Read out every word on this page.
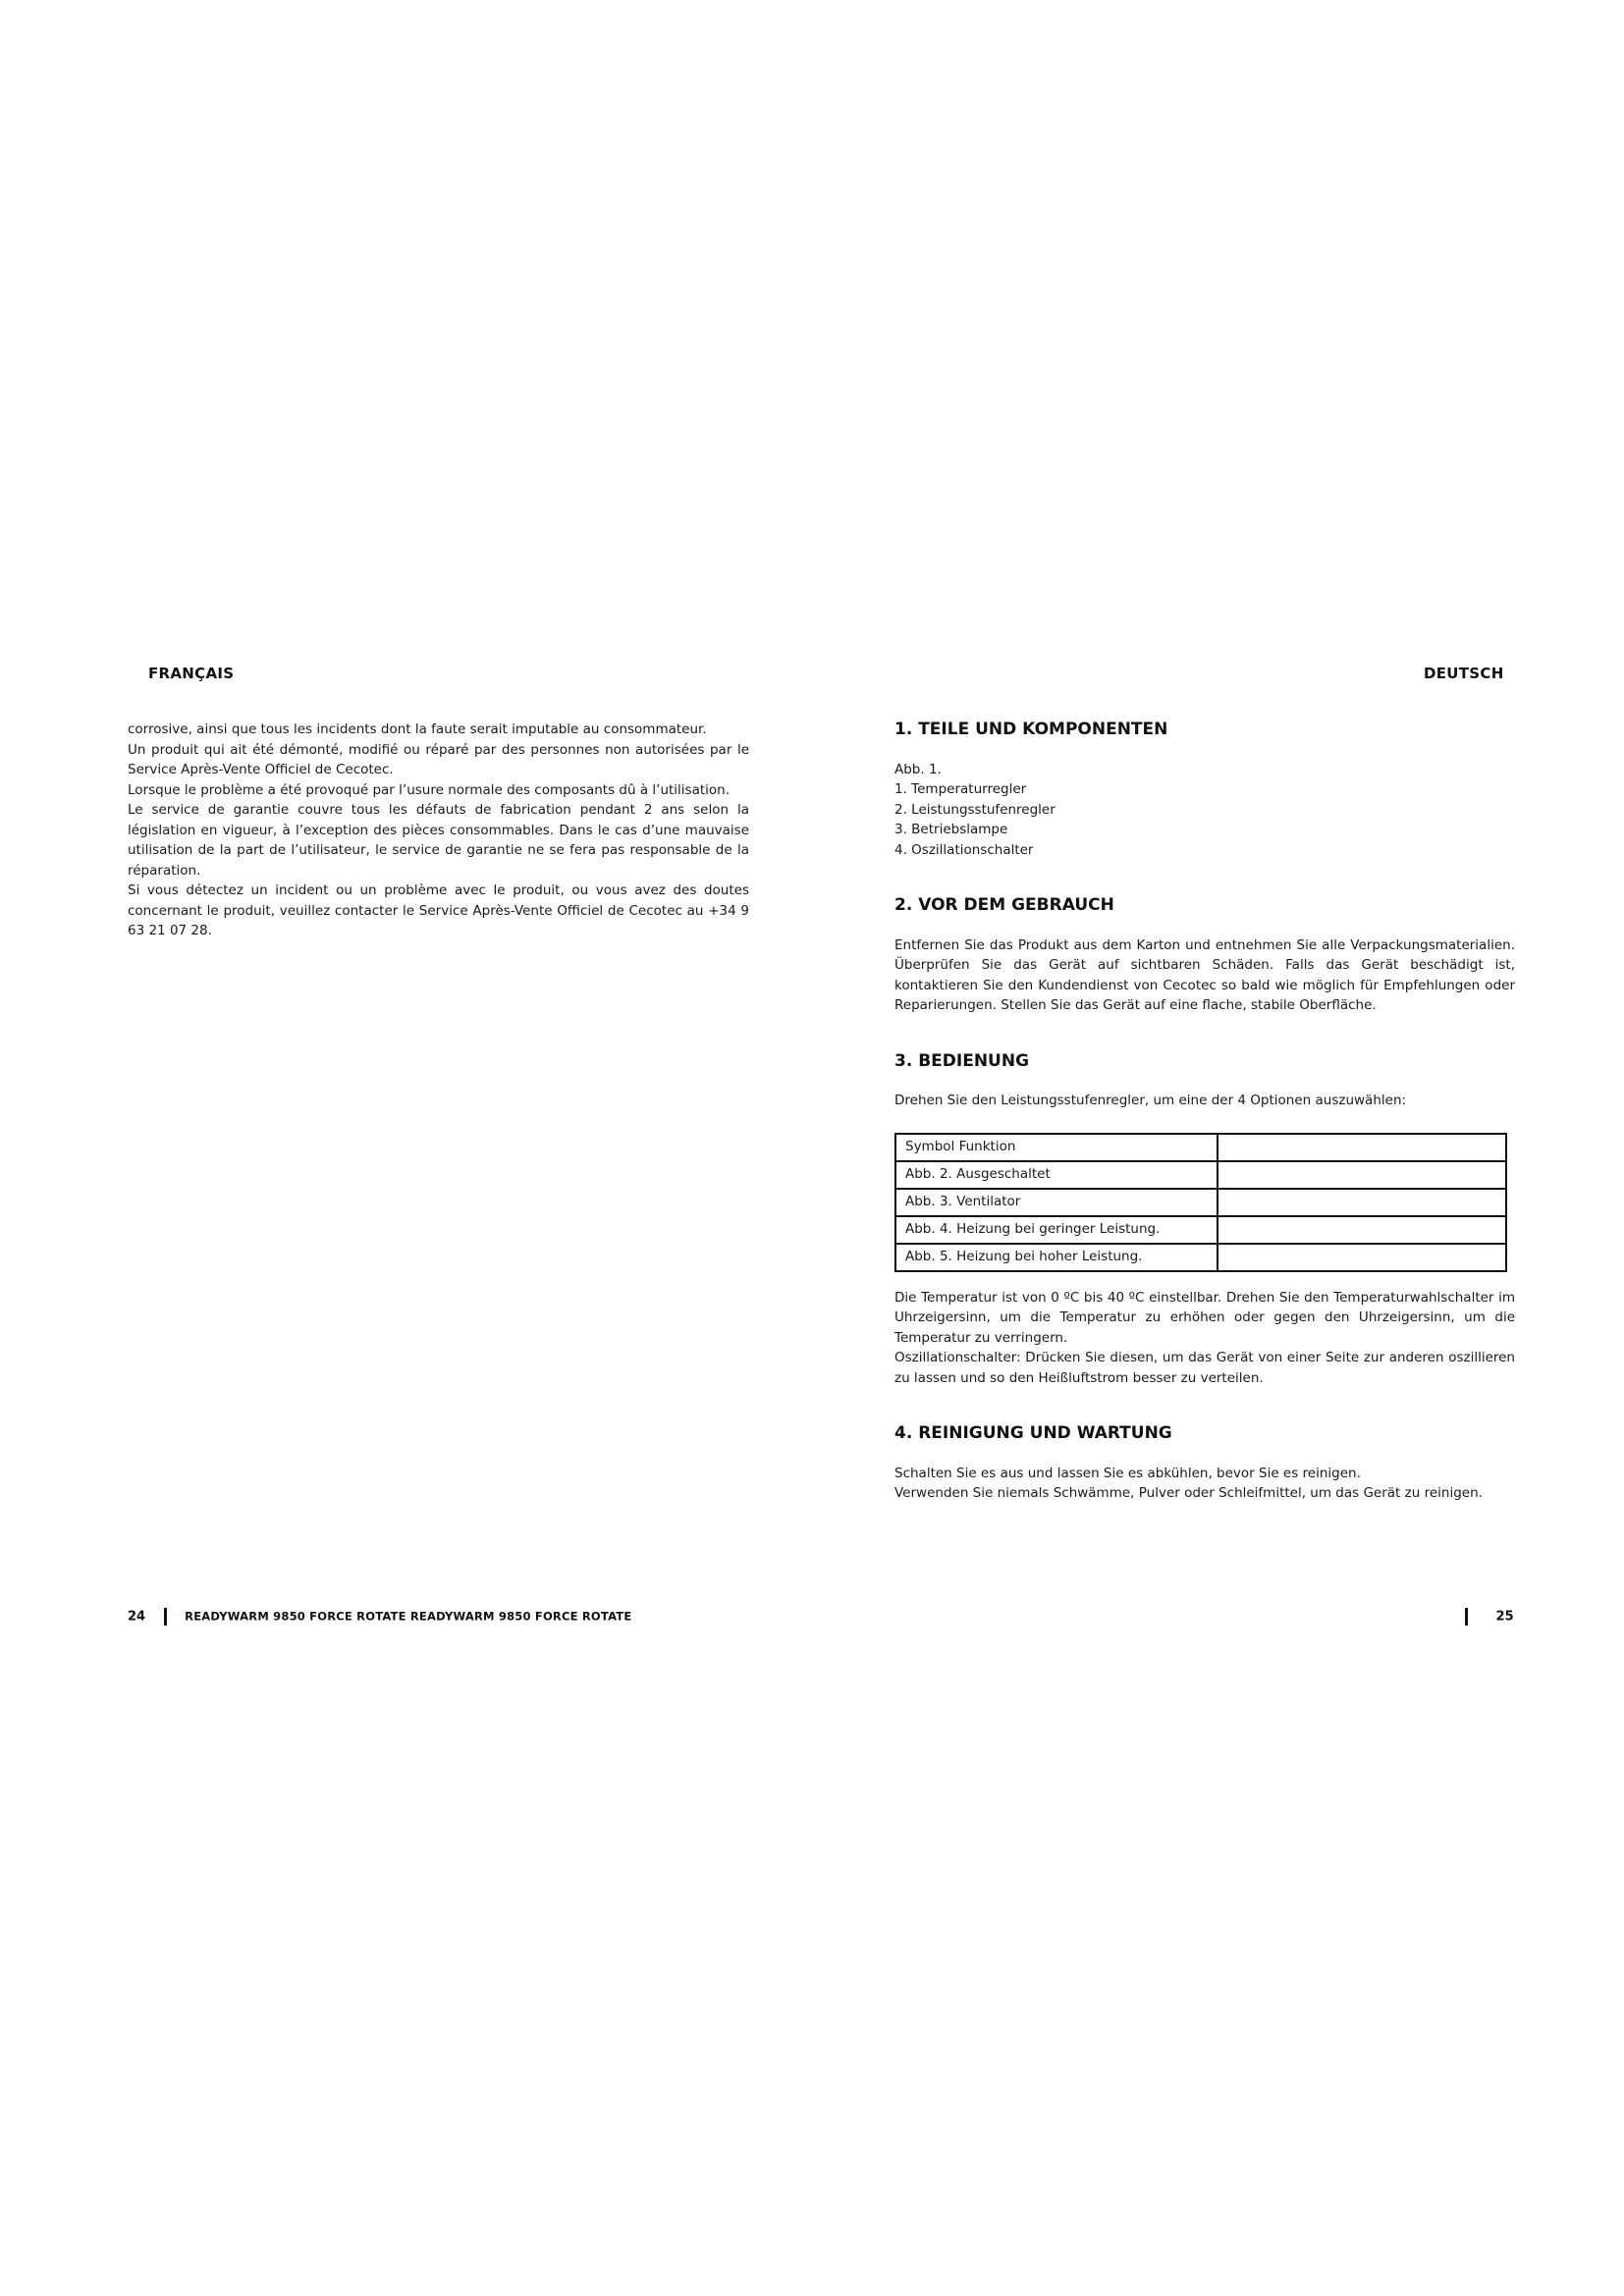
FRANÇAIS

corrosive, ainsi que tous les incidents dont la faute serait imputable au consommateur.

Un produit qui ait été démonté, modifié ou réparé par des personnes non autorisées par le Service Après-Vente Officiel de Cecotec.

Lorsque le problème a été provoqué par l’usure normale des composants dû à l’utilisation.

Le service de garantie couvre tous les défauts de fabrication pendant 2 ans selon la législation en vigueur, à l’exception des pièces consommables. Dans le cas d’une mauvaise utilisation de la part de l’utilisateur, le service de garantie ne se fera pas responsable de la réparation.

Si vous détectez un incident ou un problème avec le produit, ou vous avez des doutes concernant le produit, veuillez contacter le Service Après-Vente Officiel de Cecotec au +34 9 63 21 07 28.

DEUTSCH
1. TEILE UND KOMPONENTEN

Abb. 1.

1. Temperaturregler

2. Leistungsstufenregler

3. Betriebslampe

4. Oszillationschalter

2. VOR DEM GEBRAUCH

Entfernen Sie das Produkt aus dem Karton und entnehmen Sie alle Verpackungsmaterialien. Überprüfen Sie das Gerät auf sichtbaren Schäden. Falls das Gerät beschädigt ist, kontaktieren Sie den Kundendienst von Cecotec so bald wie möglich für Empfehlungen oder Reparierungen. Stellen Sie das Gerät auf eine flache, stabile Oberfläche.

3. BEDIENUNG

Drehen Sie den Leistungsstufenregler, um eine der 4 Optionen auszuwählen:

Symbol Funktion	
Abb. 2. Ausgeschaltet	
Abb. 3. Ventilator	
Abb. 4. Heizung bei geringer Leistung.	
Abb. 5. Heizung bei hoher Leistung.	

Die Temperatur ist von 0 ºC bis 40 ºC einstellbar. Drehen Sie den Temperaturwahlschalter im Uhrzeigersinn, um die Temperatur zu erhöhen oder gegen den Uhrzeigersinn, um die Temperatur zu verringern.

Oszillationschalter: Drücken Sie diesen, um das Gerät von einer Seite zur anderen oszillieren zu lassen und so den Heißluftstrom besser zu verteilen.

4. REINIGUNG UND WARTUNG

Schalten Sie es aus und lassen Sie es abkühlen, bevor Sie es reinigen.

Verwenden Sie niemals Schwämme, Pulver oder Schleifmittel, um das Gerät zu reinigen.

24	READYWARM 9850 FORCE ROTATE READYWARM 9850 FORCE ROTATE	25
